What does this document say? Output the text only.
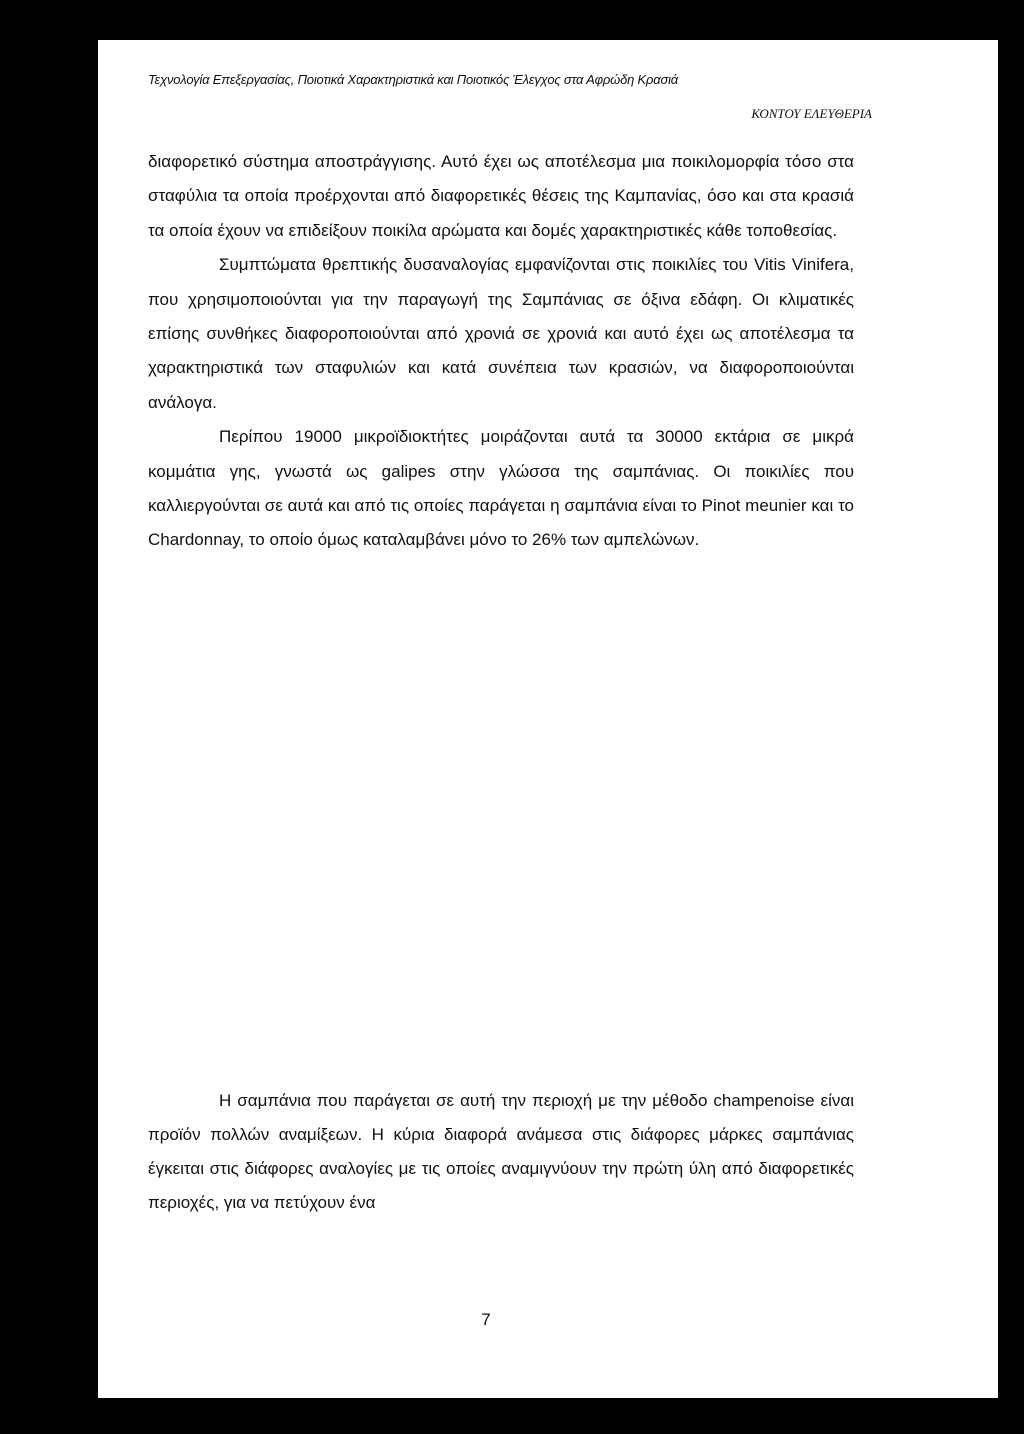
Τεχνολογία Επεξεργασίας, Ποιοτικά Χαρακτηριστικά και Ποιοτικός Έλεγχος στα Αφρώδη Κρασιά
ΚΟΝΤΟΥ ΕΛΕΥΘΕΡΙΑ

διαφορετικό σύστημα αποστράγγισης. Αυτό έχει ως αποτέλεσμα μια ποικιλομορφία τόσο στα σταφύλια τα οποία προέρχονται από διαφορετικές θέσεις της Καμπανίας, όσο και στα κρασιά τα οποία έχουν να επιδείξουν ποικίλα αρώματα και δομές χαρακτηριστικές κάθε τοποθεσίας.

Συμπτώματα θρεπτικής δυσαναλογίας εμφανίζονται στις ποικιλίες του Vitis Vinifera, που χρησιμοποιούνται για την παραγωγή της Σαμπάνιας σε όξινα εδάφη. Οι κλιματικές επίσης συνθήκες διαφοροποιούνται από χρονιά σε χρονιά και αυτό έχει ως αποτέλεσμα τα χαρακτηριστικά των σταφυλιών και κατά συνέπεια των κρασιών, να διαφοροποιούνται ανάλογα.

Περίπου 19000 μικροϊδιοκτήτες μοιράζονται αυτά τα 30000 εκτάρια σε μικρά κομμάτια γης, γνωστά ως galipes στην γλώσσα της σαμπάνιας. Οι ποικιλίες που καλλιεργούνται σε αυτά και από τις οποίες παράγεται η σαμπάνια είναι το Pinot meunier και το Chardonnay, το οποίο όμως καταλαμβάνει μόνο το 26% των αμπελώνων.

Η σαμπάνια που παράγεται σε αυτή την περιοχή με την μέθοδο champenoise είναι προϊόν πολλών αναμίξεων. Η κύρια διαφορά ανάμεσα στις διάφορες μάρκες σαμπάνιας έγκειται στις διάφορες αναλογίες με τις οποίες αναμιγνύουν την πρώτη ύλη από διαφορετικές περιοχές, για να πετύχουν ένα

7
